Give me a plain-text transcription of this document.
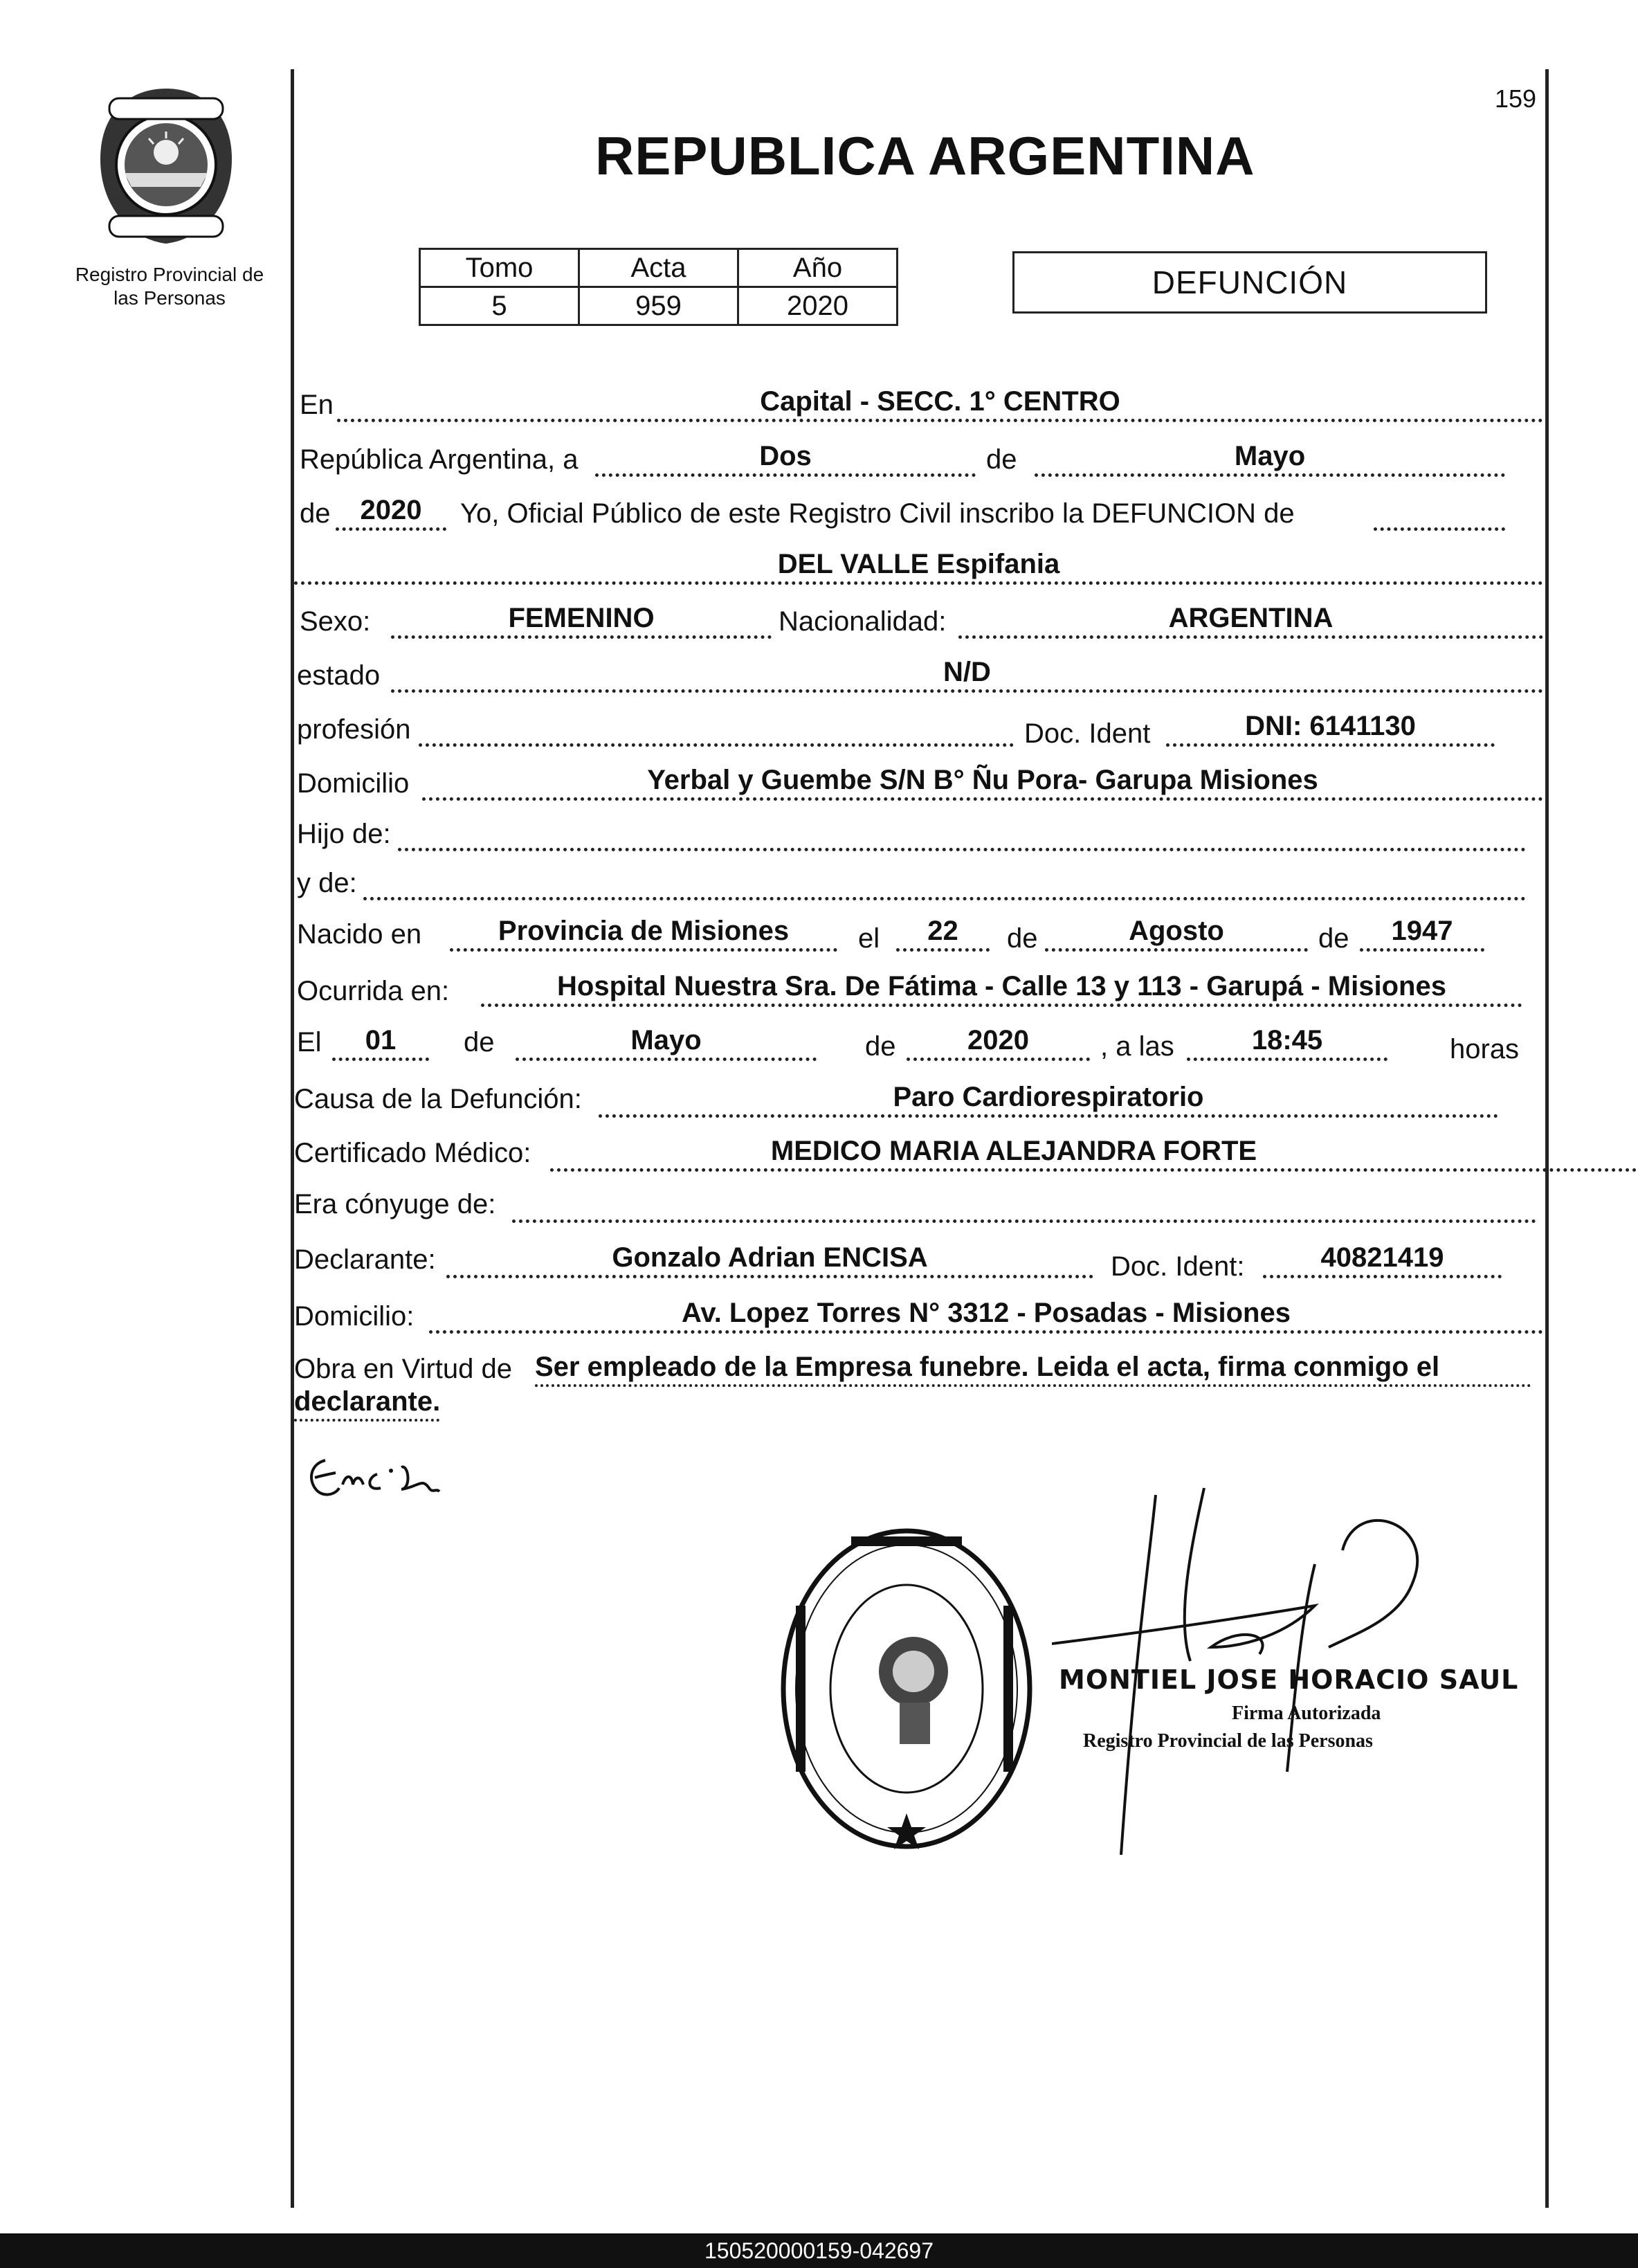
Registro Provincial de
las Personas
159
REPUBLICA ARGENTINA
Tomo	Acta	Año
5	959	2020
DEFUNCIÓN
En	Capital - SECC. 1° CENTRO
República Argentina, a	Dos	de	Mayo
de	2020	Yo, Oficial Público de este Registro Civil inscribo la DEFUNCION de
DEL VALLE Espifania
Sexo:	FEMENINO	Nacionalidad:	ARGENTINA
estado	N/D
profesión	Doc. Ident	DNI: 6141130
Domicilio	Yerbal y Guembe S/N B° Ñu Pora- Garupa Misiones
Hijo de:
y de:
Nacido en	Provincia de Misiones	el	22	de	Agosto	de	1947
Ocurrida en:	Hospital Nuestra Sra. De Fátima - Calle 13 y 113 - Garupá - Misiones
El	01	de	Mayo	de	2020	, a las	18:45	horas
Causa de la Defunción:	Paro Cardiorespiratorio
Certificado Médico:	MEDICO MARIA ALEJANDRA FORTE
Era cónyuge de:
Declarante:	Gonzalo Adrian ENCISA	Doc. Ident:	40821419
Domicilio:	Av. Lopez Torres N° 3312 - Posadas - Misiones
Obra en Virtud de Ser empleado de la Empresa funebre. Leida el acta, firma conmigo el
declarante.
MONTIEL JOSE HORACIO SAUL
Firma Autorizada
Registro Provincial de las Personas
150520000159-042697
